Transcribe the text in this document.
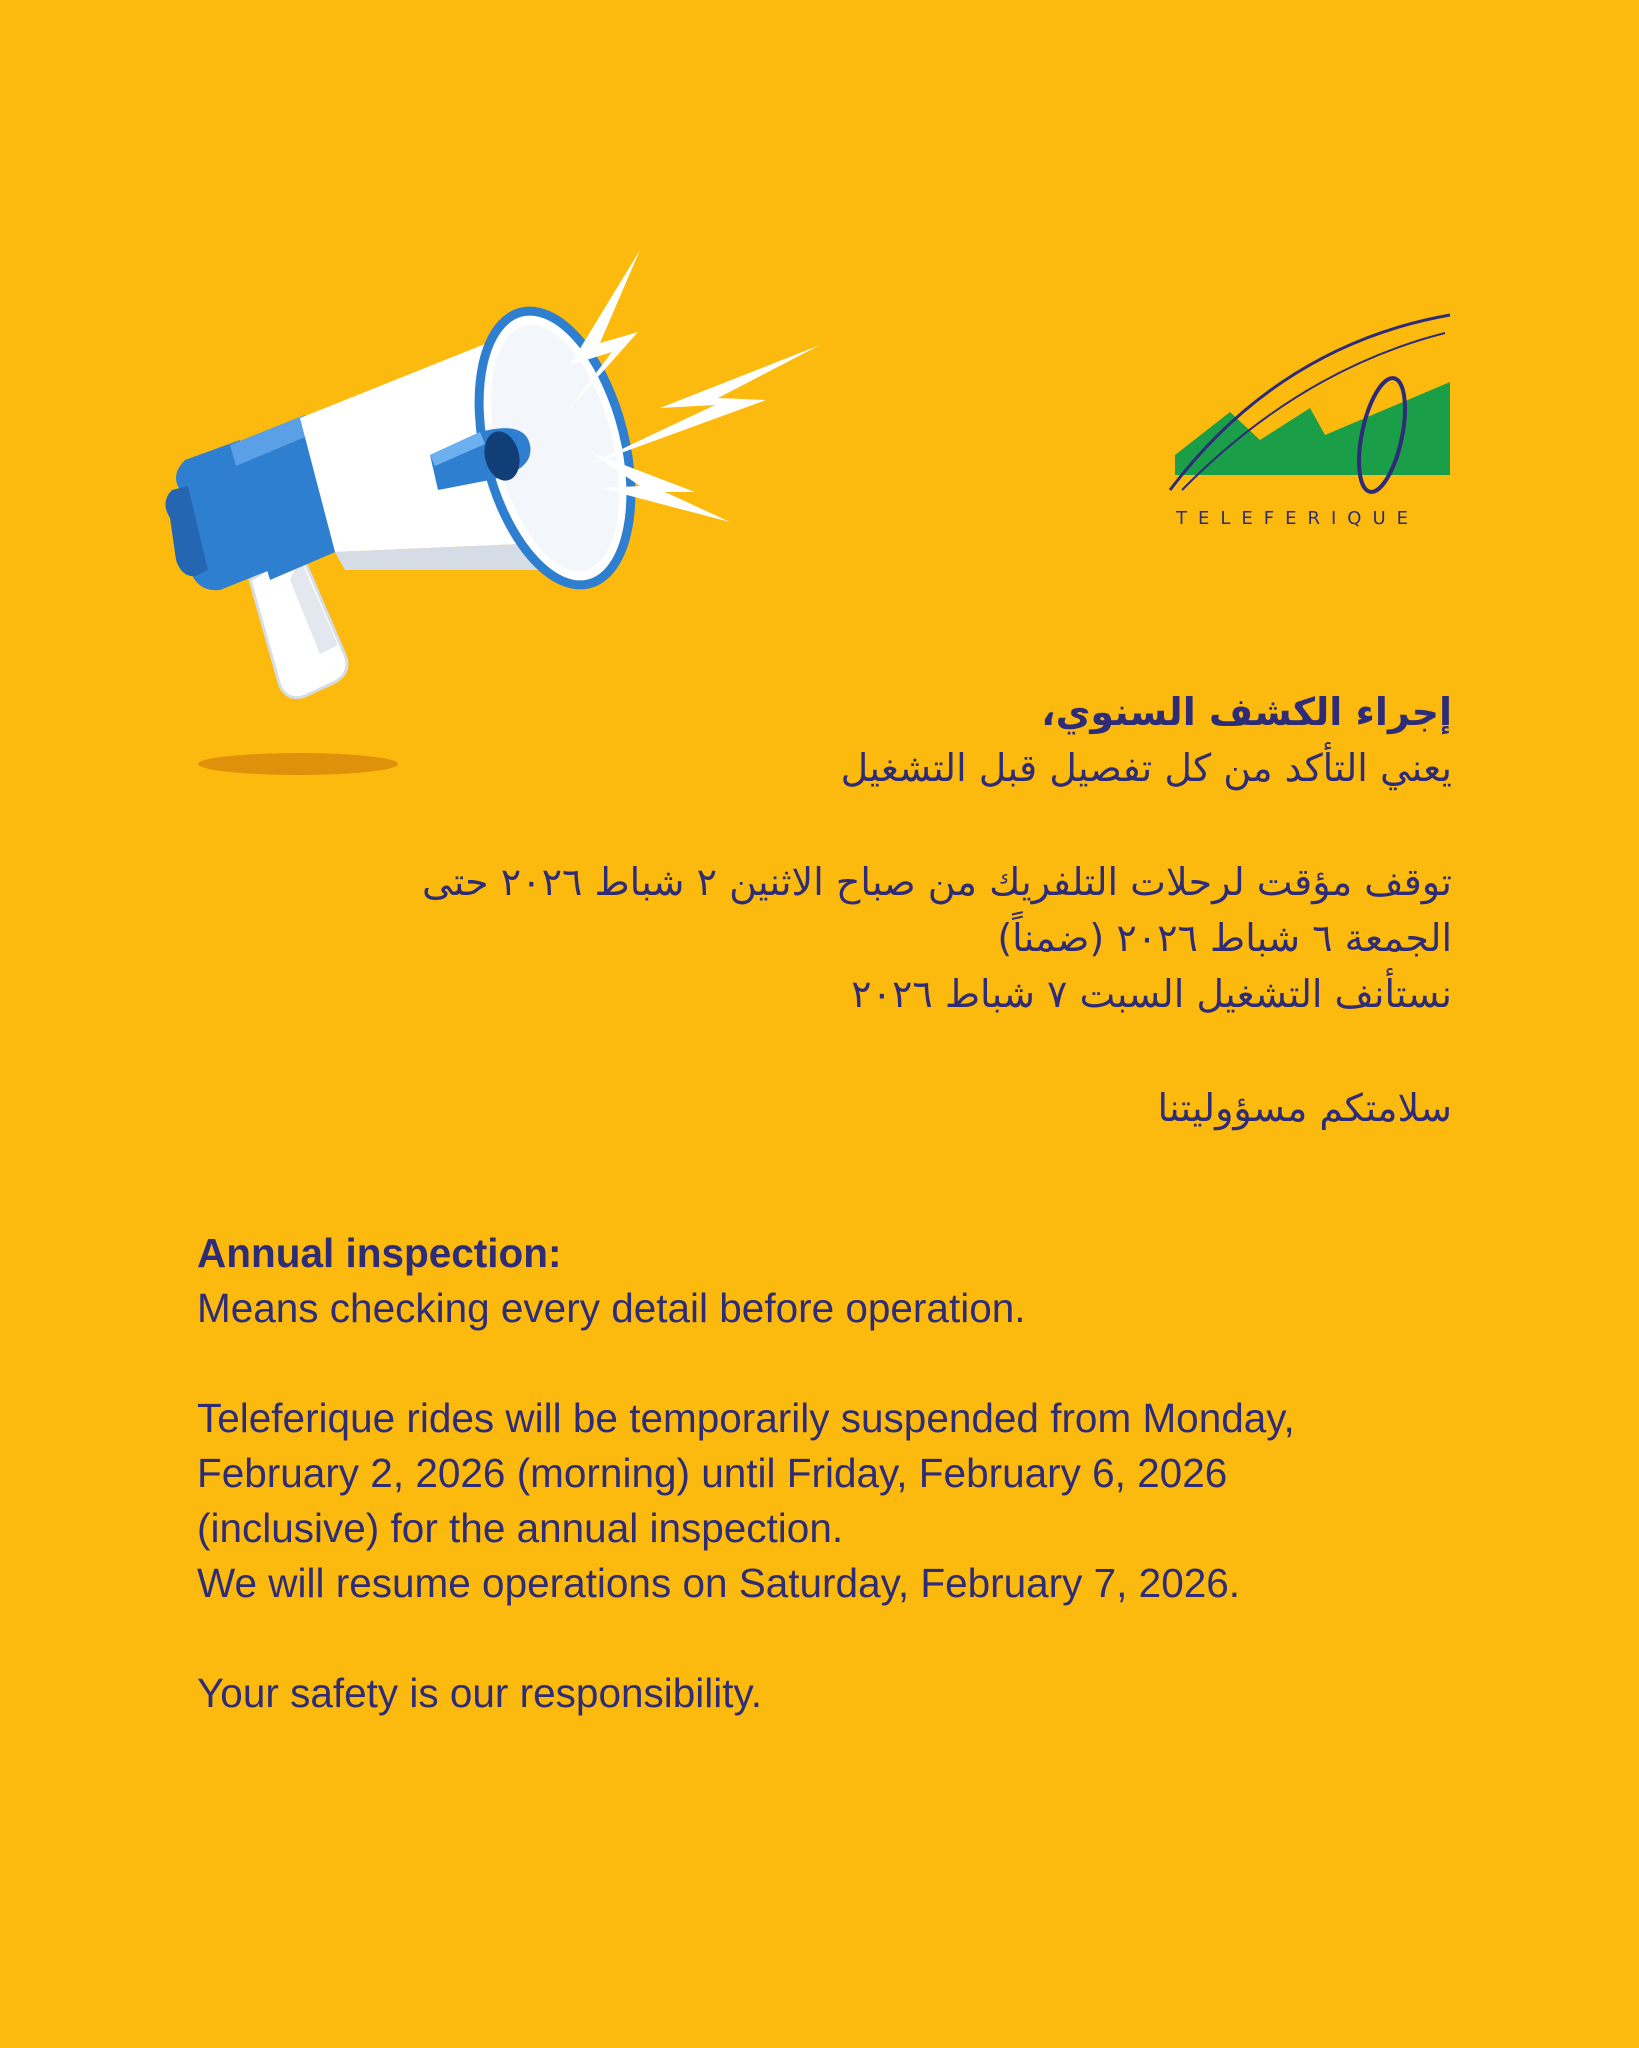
TELEFERIQUE
إجراء الكشف السنوي،
يعني التأكد من كل تفصيل قبل التشغيل
توقف مؤقت لرحلات التلفريك من صباح الاثنين ٢ شباط ٢٠٢٦ حتى
الجمعة ٦ شباط ٢٠٢٦ (ضمناً)
نستأنف التشغيل السبت ٧ شباط ٢٠٢٦
سلامتكم مسؤوليتنا
Annual inspection:
Means checking every detail before operation.
Teleferique rides will be temporarily suspended from Monday,
February 2, 2026 (morning) until Friday, February 6, 2026
(inclusive) for the annual inspection.
We will resume operations on Saturday, February 7, 2026.
Your safety is our responsibility.
